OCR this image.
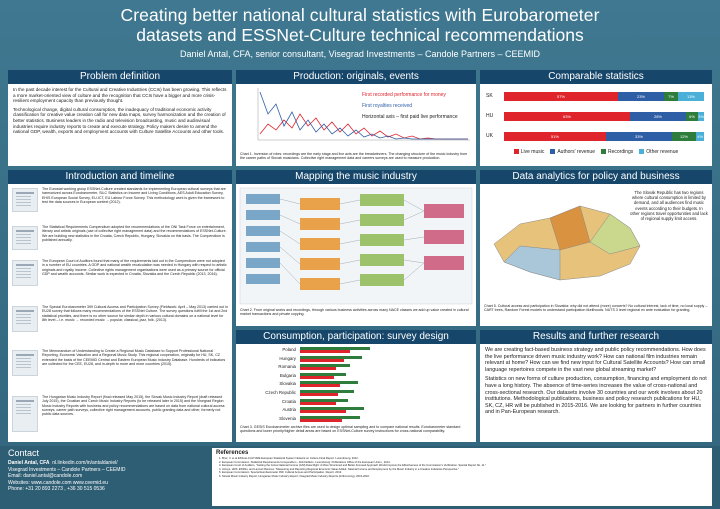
Creating better national cultural statistics with Eurobarometer
datasets and ESSNet-Culture technical recommendations
Daniel Antal, CFA, senior consultant, Visegrad Investments – Candole Partners – CEEMID
Problem definition

In the past decade interest for the Cultural and Creative Industries (CCIs) has been growing. This reflects a more market-oriented view of culture and the recognition that CCIs have a bigger and more crisis-resilient employment capacity than previously thought.

Technological change, digital cultural consumption, the inadequacy of traditional economic activity classification for creative value creation call for new data maps, survey harmonization and the creation of better statistics. Business leaders in the radio and television broadcasting, music and audiovisual industries require industry reports to create and execute strategy. Policy makers desire to amend the national GDP, wealth, exports and employment accounts with Culture Satellite Accounts and other tools.

Production: originals, events
First recorded performance for money
First royalties received
Horizontal axis – first paid live performance
Chart 1. Inversion of roles: recordings are the early stage and live acts are the breadwinners. The changing structure of the music industry from the career paths of Slovak musicians. Collective right management data and careers surveys are used to measure production.
Comparable statistics
SK	57%	23%	7%	13%
HU	63%	28%	6% 3%
UK	51%	33%	12%	4%
Live music	Authors' revenue	Recordings	Other revenue
Introduction and timeline
The Eurostat working group ESSNet-Culture created standards for implementing European cultural surveys that are harmonized across Eurobarometer, SILC Statistics on Income and Living Conditions, AES Adult Education Survey, EHIS European Social Survey, EU-ICT, EU Labour Force Survey. This methodology work is given the framework to test the data sources in European context (2012).
The Statistical Requirements Compendium adopted the recommendations of the ONI Task Force on entertainment, literary and artistic originals (use of collective right management data) and the recommendations of ESSNet-Culture. We are building new statistics in the Croatia, Czech Republic, Hungary, Slovakia on this basis. The Compendium is published annually.
The European Court of Auditors found that many of the requirements laid out in the Compendium were not adopted in a number of EU countries. A GDP and national wealth recalculation was needed in Hungary with respect to artistic originals and royalty income. Collective rights management organisations were used as a primary source for official GDP and wealth accounts. Similar work is expected in Croatia, Slovakia and the Czech Republic (2013, 2016).
The Special Eurobarometer 399 Cultural Access and Participation Survey (Fieldwork: April – May 2013) carried out in EU28 survey that follows many recommendations of the ESSNet Culture. The survey questions fulfill the 1st and 2nd statistical priorities, and there is no other source for similar depth in various cultural domains on a national level for 8th level – i.e. music → recorded music → popular, classical, jazz, folk. (2013).
The Memorandum of Understanding to Create a Regional Music Database to Support Professional National Reporting, Economic Valuation and a Regional Music Study. This regional cooperation, originally for HU, SK, CZ extended the basis of the CEEMID Central and Eastern European Music Industry Database. Hundreds of indicators are collected for the CEE, EU28, and in-depth to more and more countries (2015).
The Hungarian Music Industry Report (final released May 2015), the Slovak Music Industry Report (draft released July 2015), the Croatian and Czech Music Industry Reports (to be released later in 2015) and the Visegrad Region Music Industry Reports with business and policy recommendations are based on data from national cultural access surveys, career path surveys, collective right management accounts, public granting data and other, formerly not public data sources.
Mapping the music industry
Chart 2. From original works and recordings, through various business activities across many NACE classes we add up value created in cultural market transactions and private copying.
Data analytics for policy and business
The Slovak Republic has two regions where cultural consumption is limited by demand, and all audiences find music events according to their budgets. In other regions travel opportunities and lack of regional supply limit access.
Chart 5. Cultural access and participation in Slovakia: why did not attend (more) concerts? No cultural interest, lack of time, no local supply – CART trees, Random Forest models to understand participation likelihoods. NUTS 3 level regional ex ante evaluation for granting.
Consumption, participation: survey design
Poland
Hungary
Romania
Bulgaria
Slovakia
Czech Republic
Croatia
Austria
Slovenia
Chart 3. GESIS Eurobarometer archive files are used to design optimal sampling and to compare national results. Eurobarometer standard questions and lower priority/higher detail areas are based on ESSNet-Culture survey instructions for cross-national comparability.
Results and further research

We are creating fact-based business strategy and public policy recommendations. How does the live performance driven music industry work? How can national film industries remain relevant at home? How can we find new input for Cultural Satellite Accounts? How can small language repertoires compete in the vast new global streaming market?

Statistics on new forms of culture production, consumption, financing and employment do not have a long history. The absence of time-series increases the value of cross-national and cross-sectional research. Our datasets involve 30 countries and our work involves about 20 institutions. Methodological publications, business and policy research publications for HU, SK, CZ, HR will be published in 2015-2016. We are looking for partners in further countries and in Pan-European research.

Contact
Daniel Antal, CFA nl.linkedin.com/in/antaldaniel/
Visegrad Investments – Candole Partners – CEEMID
Email: daniel.antal@candole.com
Websites: www.candole.com www.ceemid.eu
Phone: +31 20 893 2273 , +36 30 515 0536
References
1. Bruz, V. et al ESSnet-CULTURE European Statistical System Network on Culture Final Report. Luxembourg, 2012.
2. European Commission. Statistical Requirements Compendium - 2014 Edition. Luxembourg: Publications Office of the European Union., 2014.
3. European Court of Auditors. "Getting the Gross National Income (GNI) Data Right: A More Structured and Better Focused Approach Would Improve the Effectiveness of the Commission's Verification. Special Report No. 11."
4. Antoys, HDS. ESSNs, and Lennart Reinnes. "Measuring and Reporting Regional Economic Value Added. National Income and Employment by the Music Industry in a Creative Industries Perspective."
5. European Commission. Special Eurobarometer 399: Cultural Access and Participation. Report. 2013.
6. Slovak Music Industry Report; Hungarian Music Industry Report; Visegrad Music Industry Reports (forthcoming), 2015-2016.
